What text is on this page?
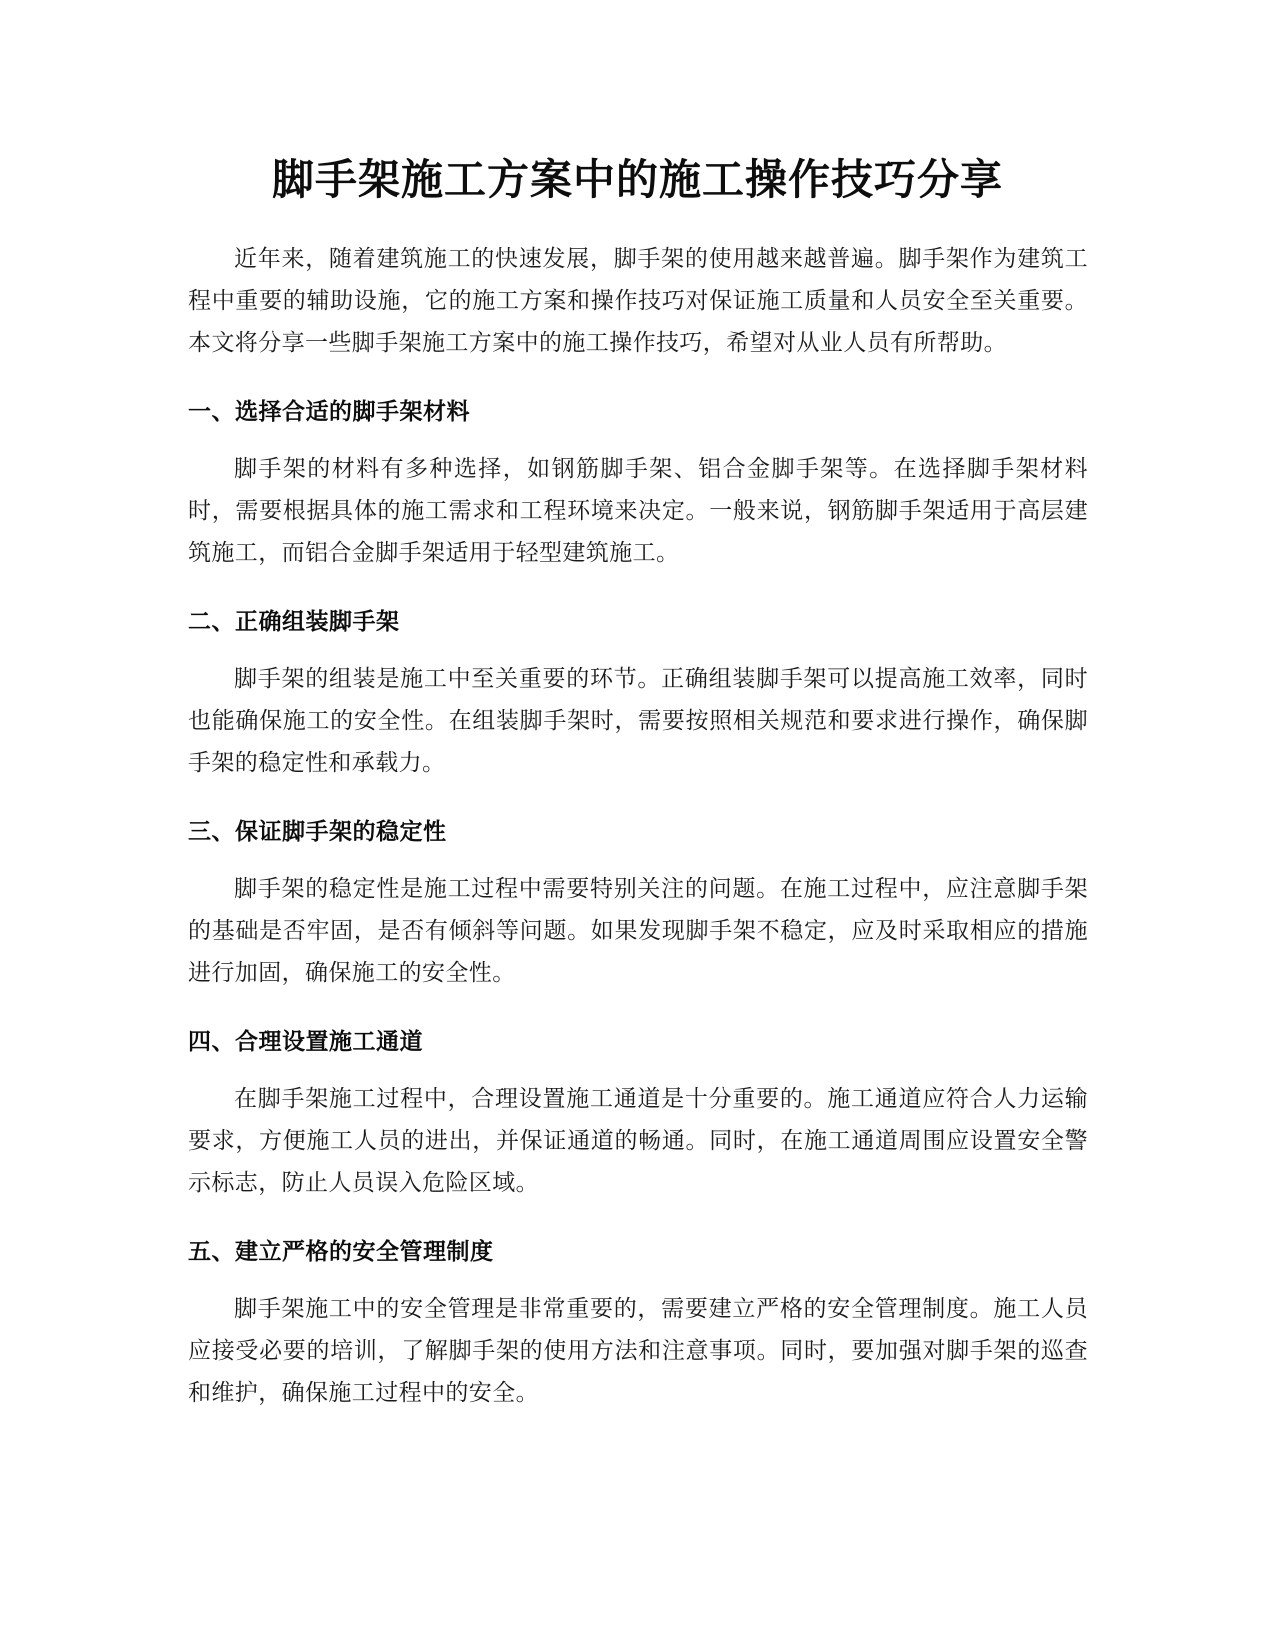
脚手架施工方案中的施工操作技巧分享

近年来，随着建筑施工的快速发展，脚手架的使用越来越普遍。脚手架作为建筑工程中重要的辅助设施，它的施工方案和操作技巧对保证施工质量和人员安全至关重要。本文将分享一些脚手架施工方案中的施工操作技巧，希望对从业人员有所帮助。

一、选择合适的脚手架材料

脚手架的材料有多种选择，如钢筋脚手架、铝合金脚手架等。在选择脚手架材料时，需要根据具体的施工需求和工程环境来决定。一般来说，钢筋脚手架适用于高层建筑施工，而铝合金脚手架适用于轻型建筑施工。

二、正确组装脚手架

脚手架的组装是施工中至关重要的环节。正确组装脚手架可以提高施工效率，同时也能确保施工的安全性。在组装脚手架时，需要按照相关规范和要求进行操作，确保脚手架的稳定性和承载力。

三、保证脚手架的稳定性

脚手架的稳定性是施工过程中需要特别关注的问题。在施工过程中，应注意脚手架的基础是否牢固，是否有倾斜等问题。如果发现脚手架不稳定，应及时采取相应的措施进行加固，确保施工的安全性。

四、合理设置施工通道

在脚手架施工过程中，合理设置施工通道是十分重要的。施工通道应符合人力运输要求，方便施工人员的进出，并保证通道的畅通。同时，在施工通道周围应设置安全警示标志，防止人员误入危险区域。

五、建立严格的安全管理制度

脚手架施工中的安全管理是非常重要的，需要建立严格的安全管理制度。施工人员应接受必要的培训，了解脚手架的使用方法和注意事项。同时，要加强对脚手架的巡查和维护，确保施工过程中的安全。
